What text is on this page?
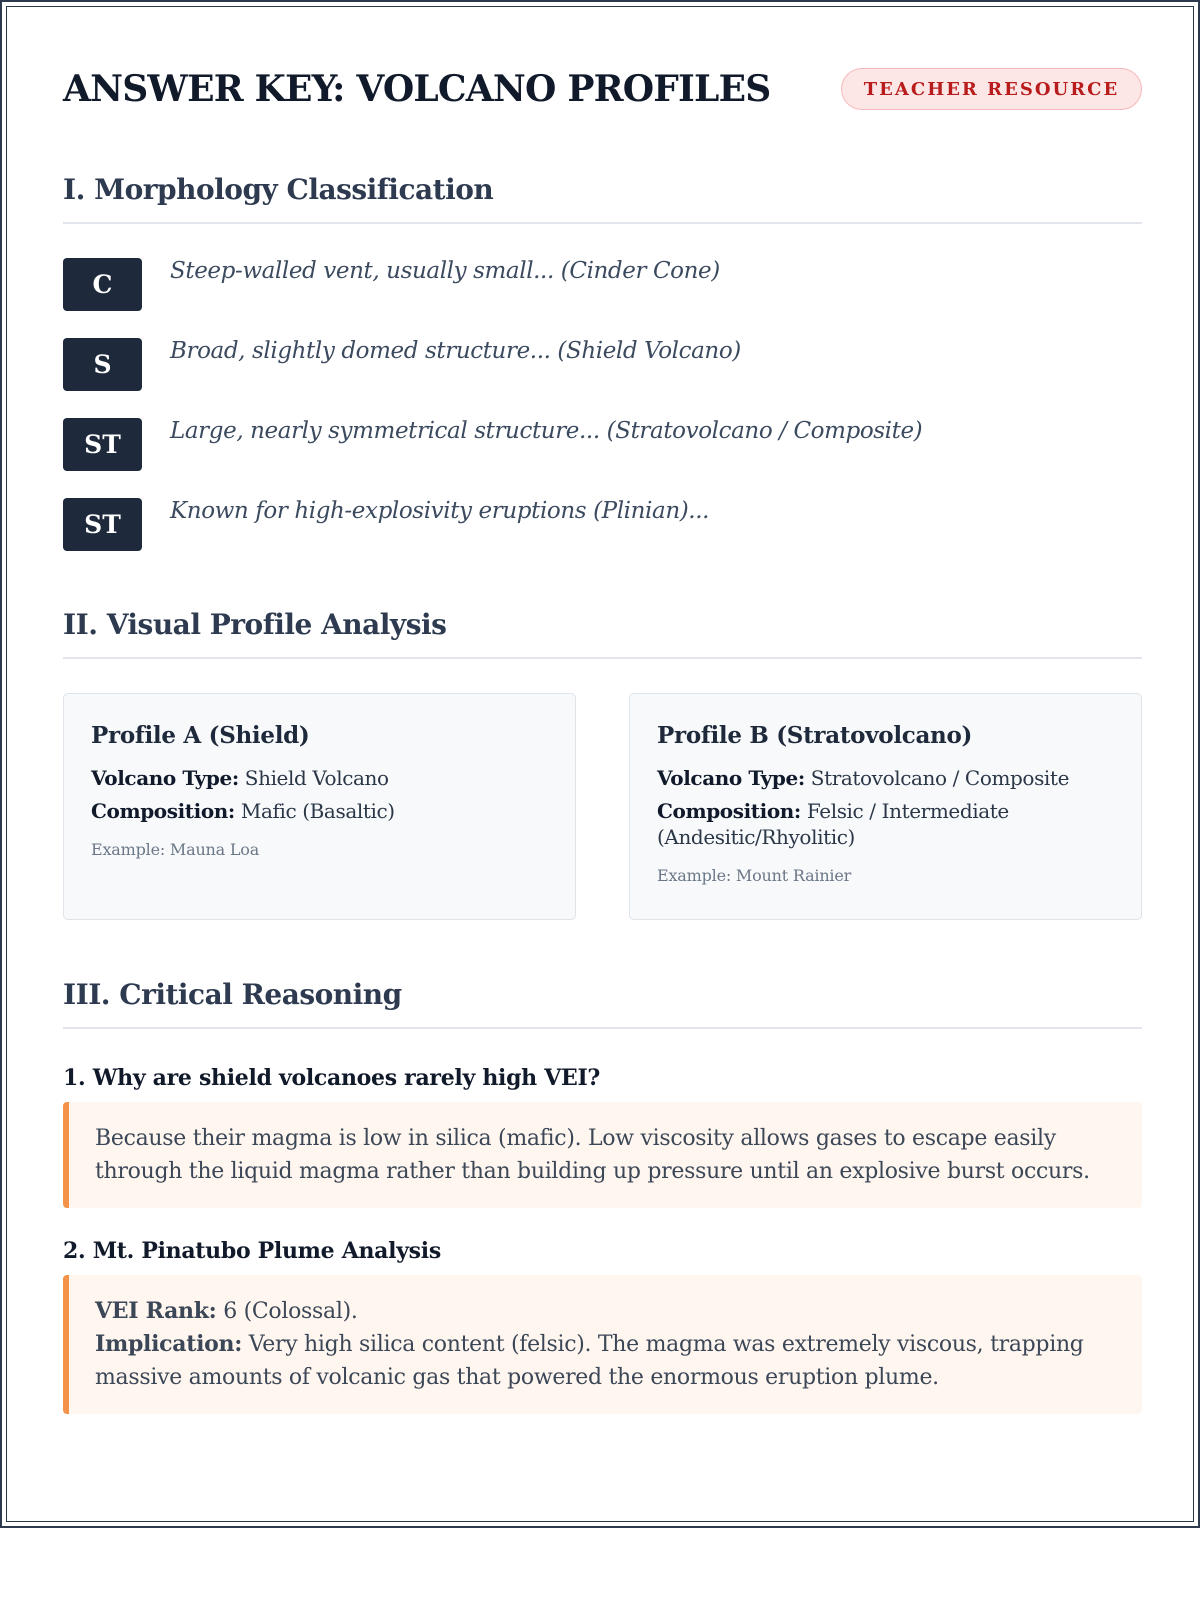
ANSWER KEY: VOLCANO PROFILES	TEACHER RESOURCE
I. Morphology Classification
C	Steep-walled vent, usually small... (Cinder Cone)
S	Broad, slightly domed structure... (Shield Volcano)
ST	Large, nearly symmetrical structure... (Stratovolcano / Composite)
ST	Known for high-explosivity eruptions (Plinian)...
II. Visual Profile Analysis
Profile A (Shield)
Volcano Type: Shield Volcano
Composition: Mafic (Basaltic)
Example: Mauna Loa
Profile B (Stratovolcano)
Volcano Type: Stratovolcano / Composite
Composition: Felsic / Intermediate (Andesitic/Rhyolitic)
Example: Mount Rainier
III. Critical Reasoning
1. Why are shield volcanoes rarely high VEI?
Because their magma is low in silica (mafic). Low viscosity allows gases to escape easily through the liquid magma rather than building up pressure until an explosive burst occurs.
2. Mt. Pinatubo Plume Analysis
VEI Rank: 6 (Colossal).
Implication: Very high silica content (felsic). The magma was extremely viscous, trapping massive amounts of volcanic gas that powered the enormous eruption plume.
